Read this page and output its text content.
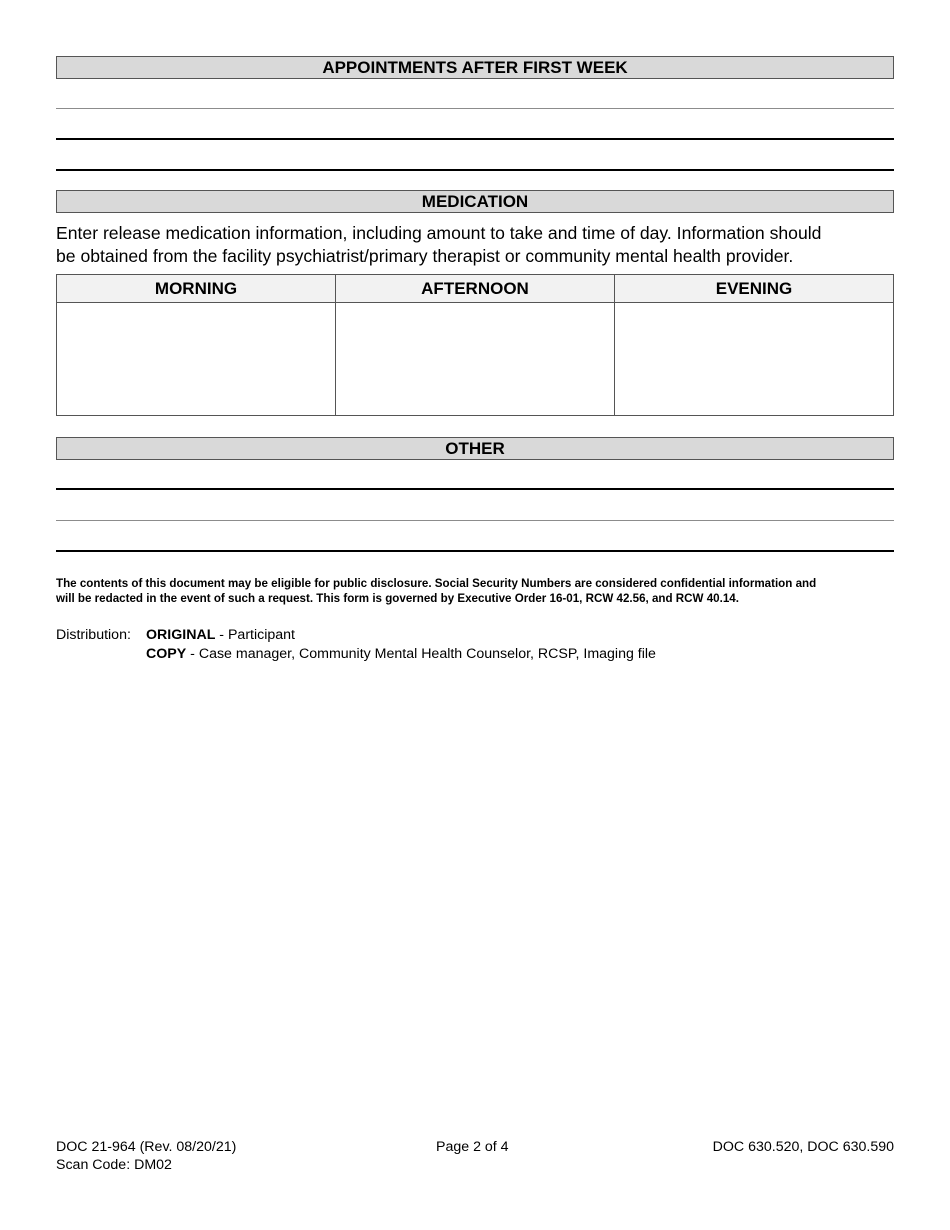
APPOINTMENTS AFTER FIRST WEEK
MEDICATION
Enter release medication information, including amount to take and time of day. Information should
be obtained from the facility psychiatrist/primary therapist or community mental health provider.
MORNING	AFTERNOON	EVENING

OTHER
The contents of this document may be eligible for public disclosure. Social Security Numbers are considered confidential information and
will be redacted in the event of such a request. This form is governed by Executive Order 16-01, RCW 42.56, and RCW 40.14.
Distribution:	ORIGINAL - Participant
COPY - Case manager, Community Mental Health Counselor, RCSP, Imaging file
DOC 21-964 (Rev. 08/20/21)
Scan Code: DM02
Page 2 of 4	DOC 630.520, DOC 630.590
